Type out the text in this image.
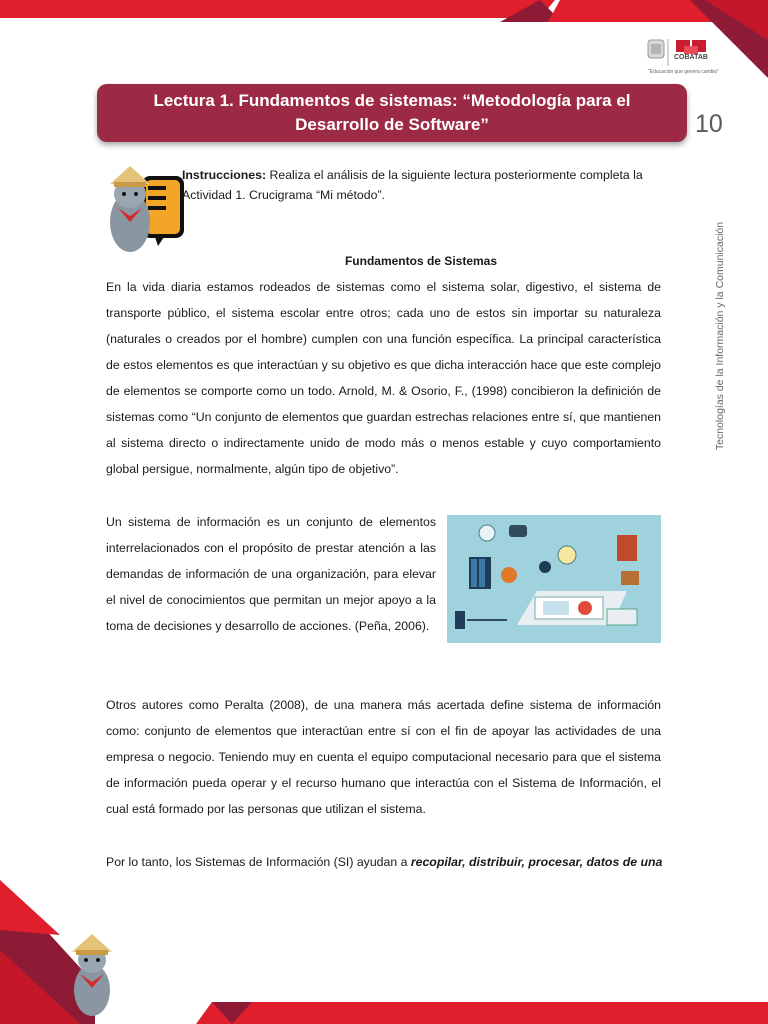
COBATAB
"Educación que genera cambio"
Lectura 1. Fundamentos de sistemas: “Metodología para el Desarrollo de Software”	10
Tecnologías de la Información y la Comunicación
Instrucciones: Realiza el análisis de la siguiente lectura posteriormente completa la Actividad 1. Crucigrama “Mi método”.
Fundamentos de Sistemas

En la vida diaria estamos rodeados de sistemas como el sistema solar, digestivo, el sistema de transporte público, el sistema escolar entre otros; cada uno de estos sin importar su naturaleza (naturales o creados por el hombre) cumplen con una función específica. La principal característica de estos elementos es que interactúan y su objetivo es que dicha interacción hace que este complejo de elementos se comporte como un todo. Arnold, M. & Osorio, F., (1998) concibieron la definición de sistemas como “Un conjunto de elementos que guardan estrechas relaciones entre sí, que mantienen al sistema directo o indirectamente unido de modo más o menos estable y cuyo comportamiento global persigue, normalmente, algún tipo de objetivo”.

Un sistema de información es un conjunto de elementos interrelacionados con el propósito de prestar atención a las demandas de información de una organización, para elevar el nivel de conocimientos que permitan un mejor apoyo a la toma de decisiones y desarrollo de acciones. (Peña, 2006).

Otros autores como Peralta (2008), de una manera más acertada define sistema de información como: conjunto de elementos que interactúan entre sí con el fin de apoyar las actividades de una empresa o negocio. Teniendo muy en cuenta el equipo computacional necesario para que el sistema de información pueda operar y el recurso humano que interactúa con el Sistema de Información, el cual está formado por las personas que utilizan el sistema.

Por lo tanto, los Sistemas de Información (SI) ayudan a recopilar, distribuir, procesar, datos de una
